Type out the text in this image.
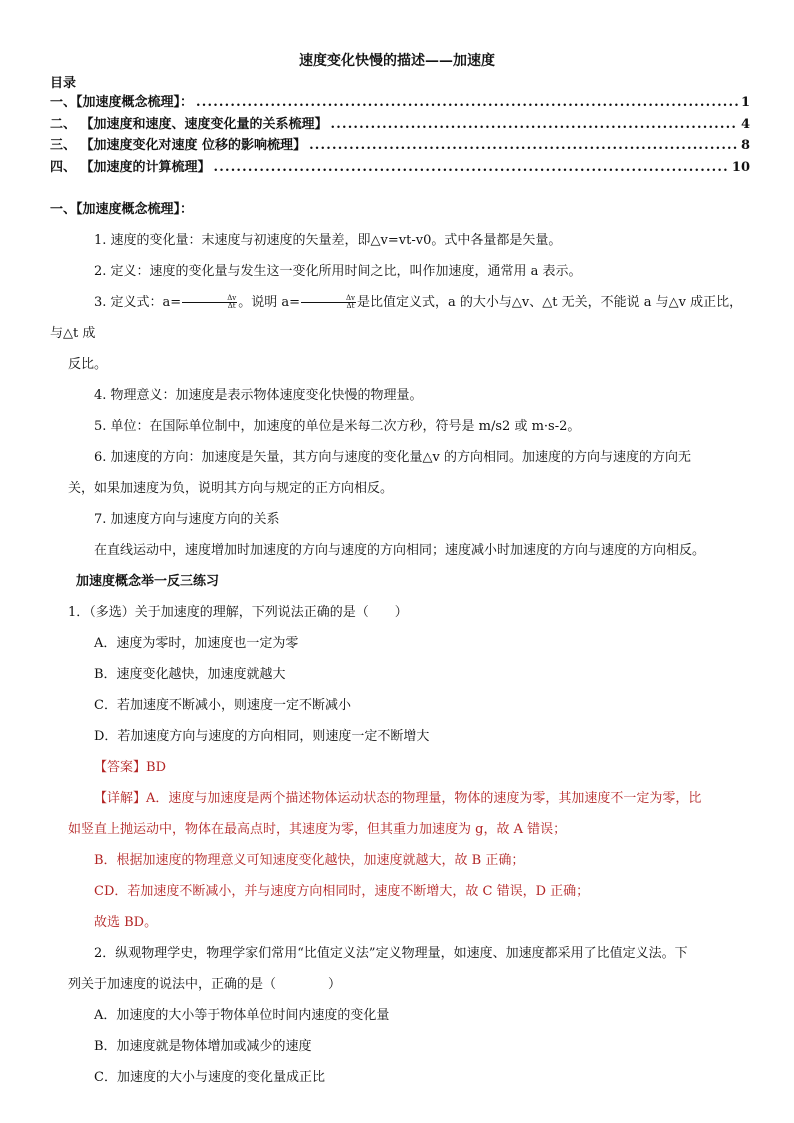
速度变化快慢的描述——加速度
目录
一、【加速度概念梳理】： .....	1
二、 【加速度和速度、速度变化量的关系梳理】 .....	4
三、 【加速度变化对速度 位移的影响梳理】 .....	8
四、 【加速度的计算梳理】 .....	10
一、【加速度概念梳理】：

1. 速度的变化量：末速度与初速度的矢量差，即△v=vt-v0。式中各量都是矢量。

2. 定义：速度的变化量与发生这一变化所用时间之比，叫作加速度，通常用 a 表示。

3. 定义式：$a= \frac{\Delta v}{\Delta t}$ 。说明 $a= \frac{\Delta v}{\Delta t}$ 是比值定义式，a 的大小与△v、△t 无关，不能说 a 与△v 成正比，与△t 成

反比。

4. 物理意义：加速度是表示物体速度变化快慢的物理量。

5. 单位：在国际单位制中，加速度的单位是米每二次方秒，符号是 m/s2 或 m·s-2。

6. 加速度的方向：加速度是矢量，其方向与速度的变化量△v 的方向相同。加速度的方向与速度的方向无

关，如果加速度为负，说明其方向与规定的正方向相反。

7. 加速度方向与速度方向的关系

在直线运动中，速度增加时加速度的方向与速度的方向相同；速度减小时加速度的方向与速度的方向相反。

加速度概念举一反三练习

1．（多选）关于加速度的理解，下列说法正确的是（　　）

A．速度为零时，加速度也一定为零

B．速度变化越快，加速度就越大

C．若加速度不断减小，则速度一定不断减小

D．若加速度方向与速度的方向相同，则速度一定不断增大

【答案】BD

【详解】A．速度与加速度是两个描述物体运动状态的物理量，物体的速度为零，其加速度不一定为零，比

如竖直上抛运动中，物体在最高点时，其速度为零，但其重力加速度为 g，故 A 错误；

B．根据加速度的物理意义可知速度变化越快，加速度就越大，故 B 正确；

CD．若加速度不断减小，并与速度方向相同时，速度不断增大，故 C 错误，D 正确；

故选 BD。

2．纵观物理学史，物理学家们常用“比值定义法”定义物理量，如速度、加速度都采用了比值定义法。下

列关于加速度的说法中，正确的是（　　　　）

A．加速度的大小等于物体单位时间内速度的变化量

B．加速度就是物体增加或减少的速度

C．加速度的大小与速度的变化量成正比
